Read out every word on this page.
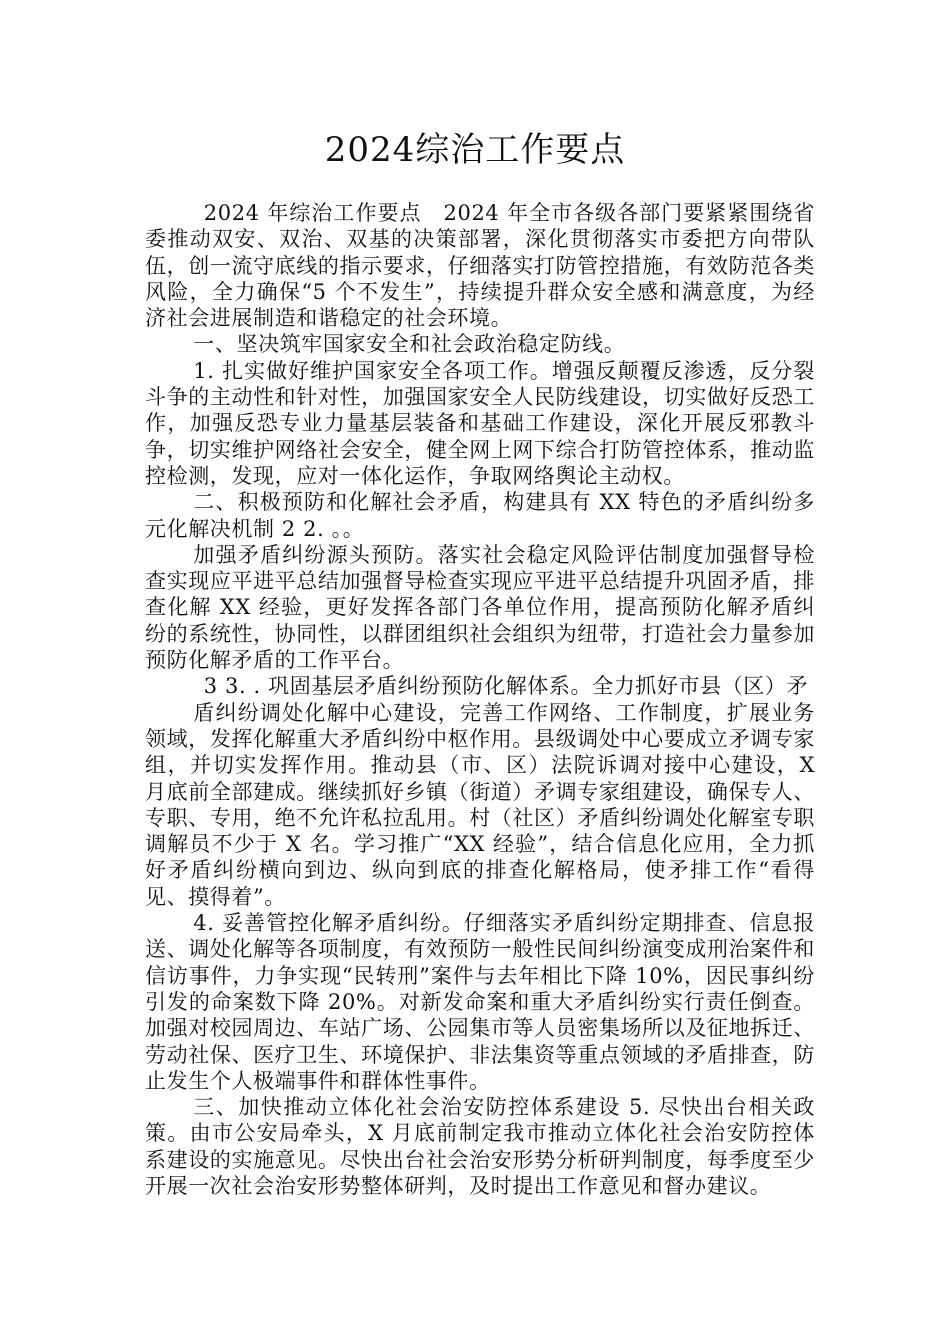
2024综治工作要点

2024 年综治工作要点　2024 年全市各级各部门要紧紧围绕省委推动双安、双治、双基的决策部署，深化贯彻落实市委把方向带队伍，创一流守底线的指示要求，仔细落实打防管控措施，有效防范各类风险，全力确保“5 个不发生”，持续提升群众安全感和满意度，为经济社会进展制造和谐稳定的社会环境。

一、坚决筑牢国家安全和社会政治稳定防线。

1. 扎实做好维护国家安全各项工作。增强反颠覆反渗透，反分裂斗争的主动性和针对性，加强国家安全人民防线建设，切实做好反恐工作，加强反恐专业力量基层装备和基础工作建设，深化开展反邪教斗争，切实维护网络社会安全，健全网上网下综合打防管控体系，推动监控检测，发现，应对一体化运作，争取网络舆论主动权。

二、积极预防和化解社会矛盾，构建具有 XX 特色的矛盾纠纷多元化解决机制 2 2. 。。

加强矛盾纠纷源头预防。落实社会稳定风险评估制度加强督导检查实现应平进平总结加强督导检查实现应平进平总结提升巩固矛盾，排查化解 XX 经验，更好发挥各部门各单位作用，提高预防化解矛盾纠纷的系统性，协同性，以群团组织社会组织为纽带，打造社会力量参加预防化解矛盾的工作平台。

3 3. . 巩固基层矛盾纠纷预防化解体系。全力抓好市县（区）矛

盾纠纷调处化解中心建设，完善工作网络、工作制度，扩展业务领域，发挥化解重大矛盾纠纷中枢作用。县级调处中心要成立矛调专家组，并切实发挥作用。推动县（市、区）法院诉调对接中心建设，X 月底前全部建成。继续抓好乡镇（街道）矛调专家组建设，确保专人、专职、专用，绝不允许私拉乱用。村（社区）矛盾纠纷调处化解室专职调解员不少于 X 名。学习推广“XX 经验”，结合信息化应用，全力抓好矛盾纠纷横向到边、纵向到底的排查化解格局，使矛排工作“看得见、摸得着”。

4. 妥善管控化解矛盾纠纷。仔细落实矛盾纠纷定期排查、信息报送、调处化解等各项制度，有效预防一般性民间纠纷演变成刑治案件和信访事件，力争实现“民转刑”案件与去年相比下降 10%，因民事纠纷引发的命案数下降 20%。对新发命案和重大矛盾纠纷实行责任倒查。加强对校园周边、车站广场、公园集市等人员密集场所以及征地拆迁、劳动社保、医疗卫生、环境保护、非法集资等重点领域的矛盾排查，防止发生个人极端事件和群体性事件。

三、加快推动立体化社会治安防控体系建设 5. 尽快出台相关政策。由市公安局牵头，X 月底前制定我市推动立体化社会治安防控体系建设的实施意见。尽快出台社会治安形势分析研判制度，每季度至少开展一次社会治安形势整体研判，及时提出工作意见和督办建议。
